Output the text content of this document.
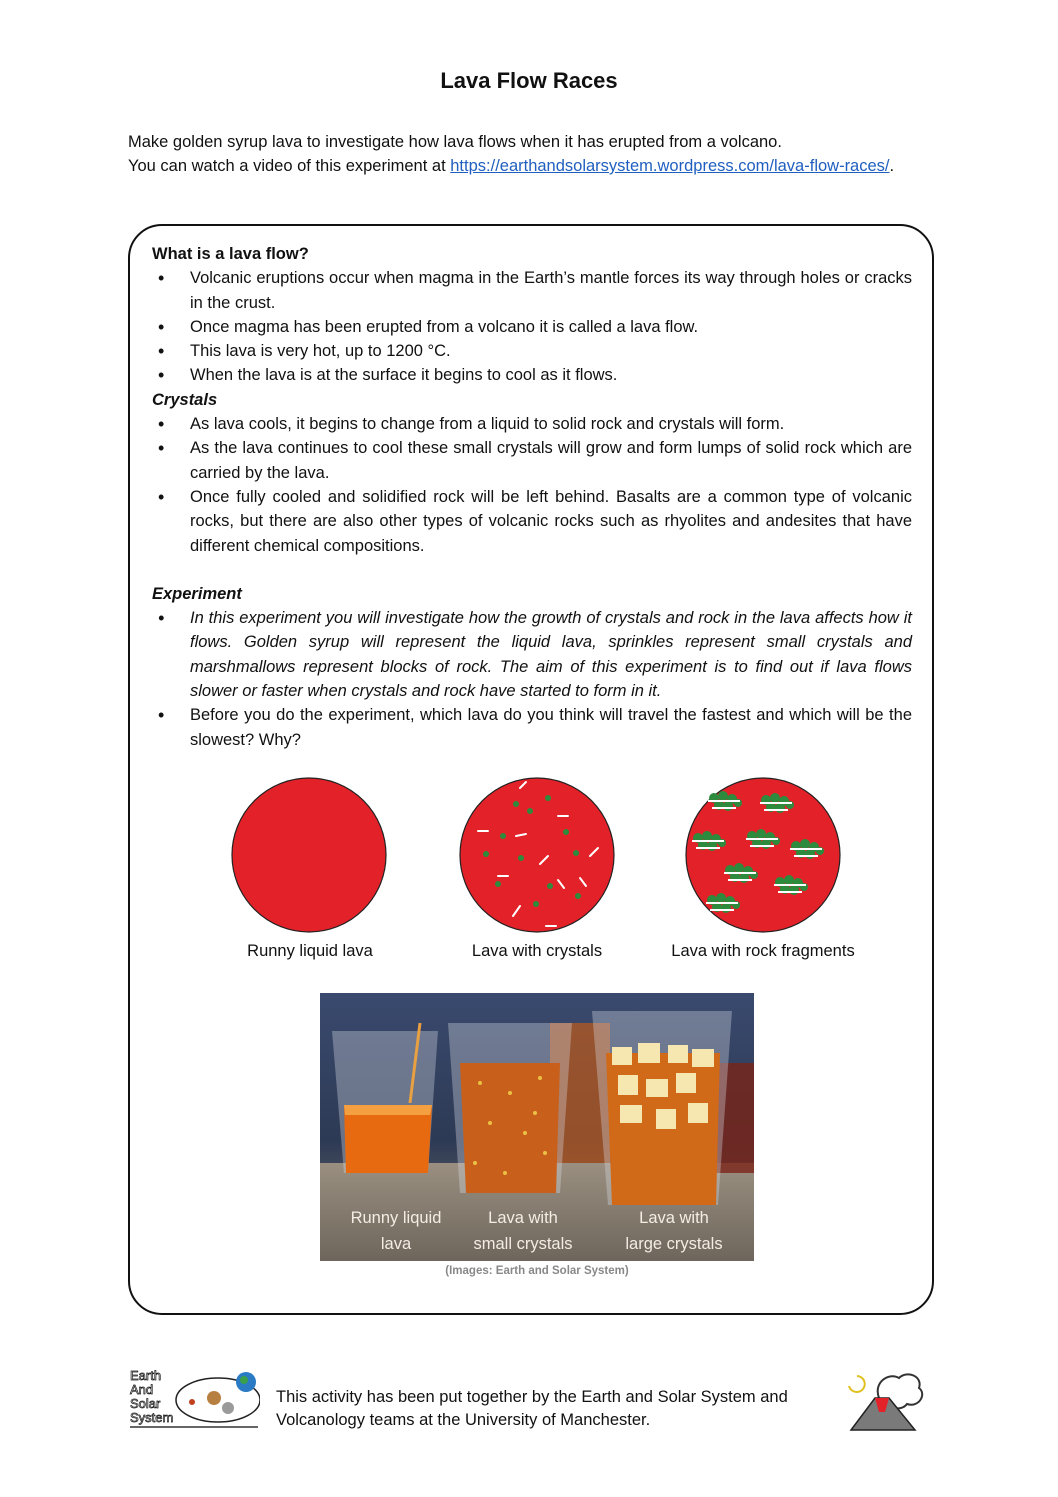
Lava Flow Races
Make golden syrup lava to investigate how lava flows when it has erupted from a volcano.
You can watch a video of this experiment at https://earthandsolarsystem.wordpress.com/lava-flow-races/.
What is a lava flow?
• Volcanic eruptions occur when magma in the Earth’s mantle forces its way through holes or cracks in the crust.
• Once magma has been erupted from a volcano it is called a lava flow.
• This lava is very hot, up to 1200 °C.
• When the lava is at the surface it begins to cool as it flows.
Crystals
• As lava cools, it begins to change from a liquid to solid rock and crystals will form.
• As the lava continues to cool these small crystals will grow and form lumps of solid rock which are carried by the lava.
• Once fully cooled and solidified rock will be left behind. Basalts are a common type of volcanic rocks, but there are also other types of volcanic rocks such as rhyolites and andesites that have different chemical compositions.
Experiment
• In this experiment you will investigate how the growth of crystals and rock in the lava affects how it flows. Golden syrup will represent the liquid lava, sprinkles represent small crystals and marshmallows represent blocks of rock. The aim of this experiment is to find out if lava flows slower or faster when crystals and rock have started to form in it.
• Before you do the experiment, which lava do you think will travel the fastest and which will be the slowest? Why?
Runny liquid lava	Lava with crystals	Lava with rock fragments
Runny liquid
lava
Lava with
small crystals
Lava with
large crystals
(Images: Earth and Solar System)
Earth
And
Solar
System
This activity has been put together by the Earth and Solar System and Volcanology teams at the University of Manchester.
